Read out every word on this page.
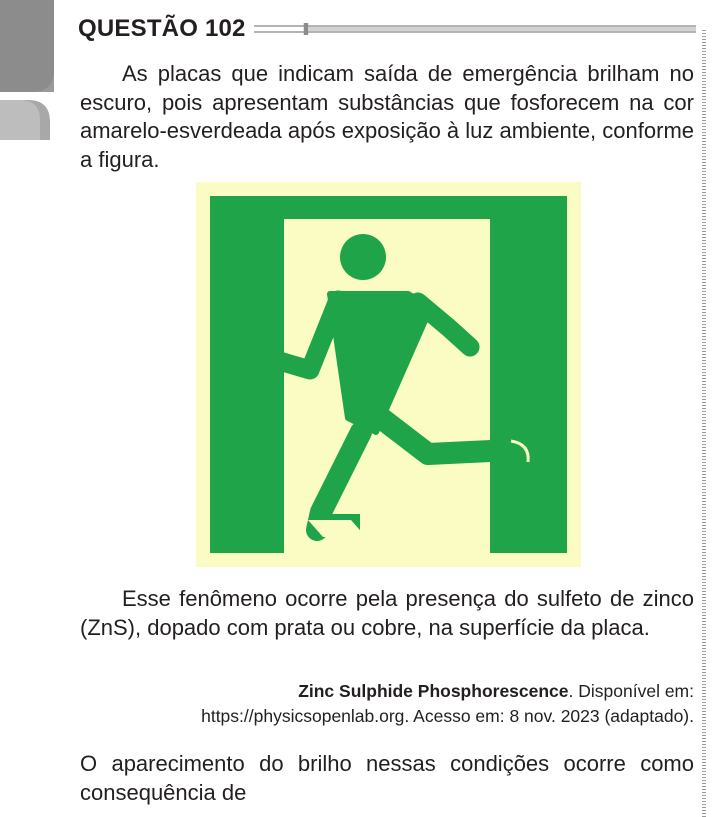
QUESTÃO 102

As placas que indicam saída de emergência brilham no escuro, pois apresentam substâncias que fosforecem na cor amarelo-esverdeada após exposição à luz ambiente, conforme a figura.

Esse fenômeno ocorre pela presença do sulfeto de zinco (ZnS), dopado com prata ou cobre, na superfície da placa.

Zinc Sulphide Phosphorescence. Disponível em:
https://physicsopenlab.org. Acesso em: 8 nov. 2023 (adaptado).

O aparecimento do brilho nessas condições ocorre como consequência de
